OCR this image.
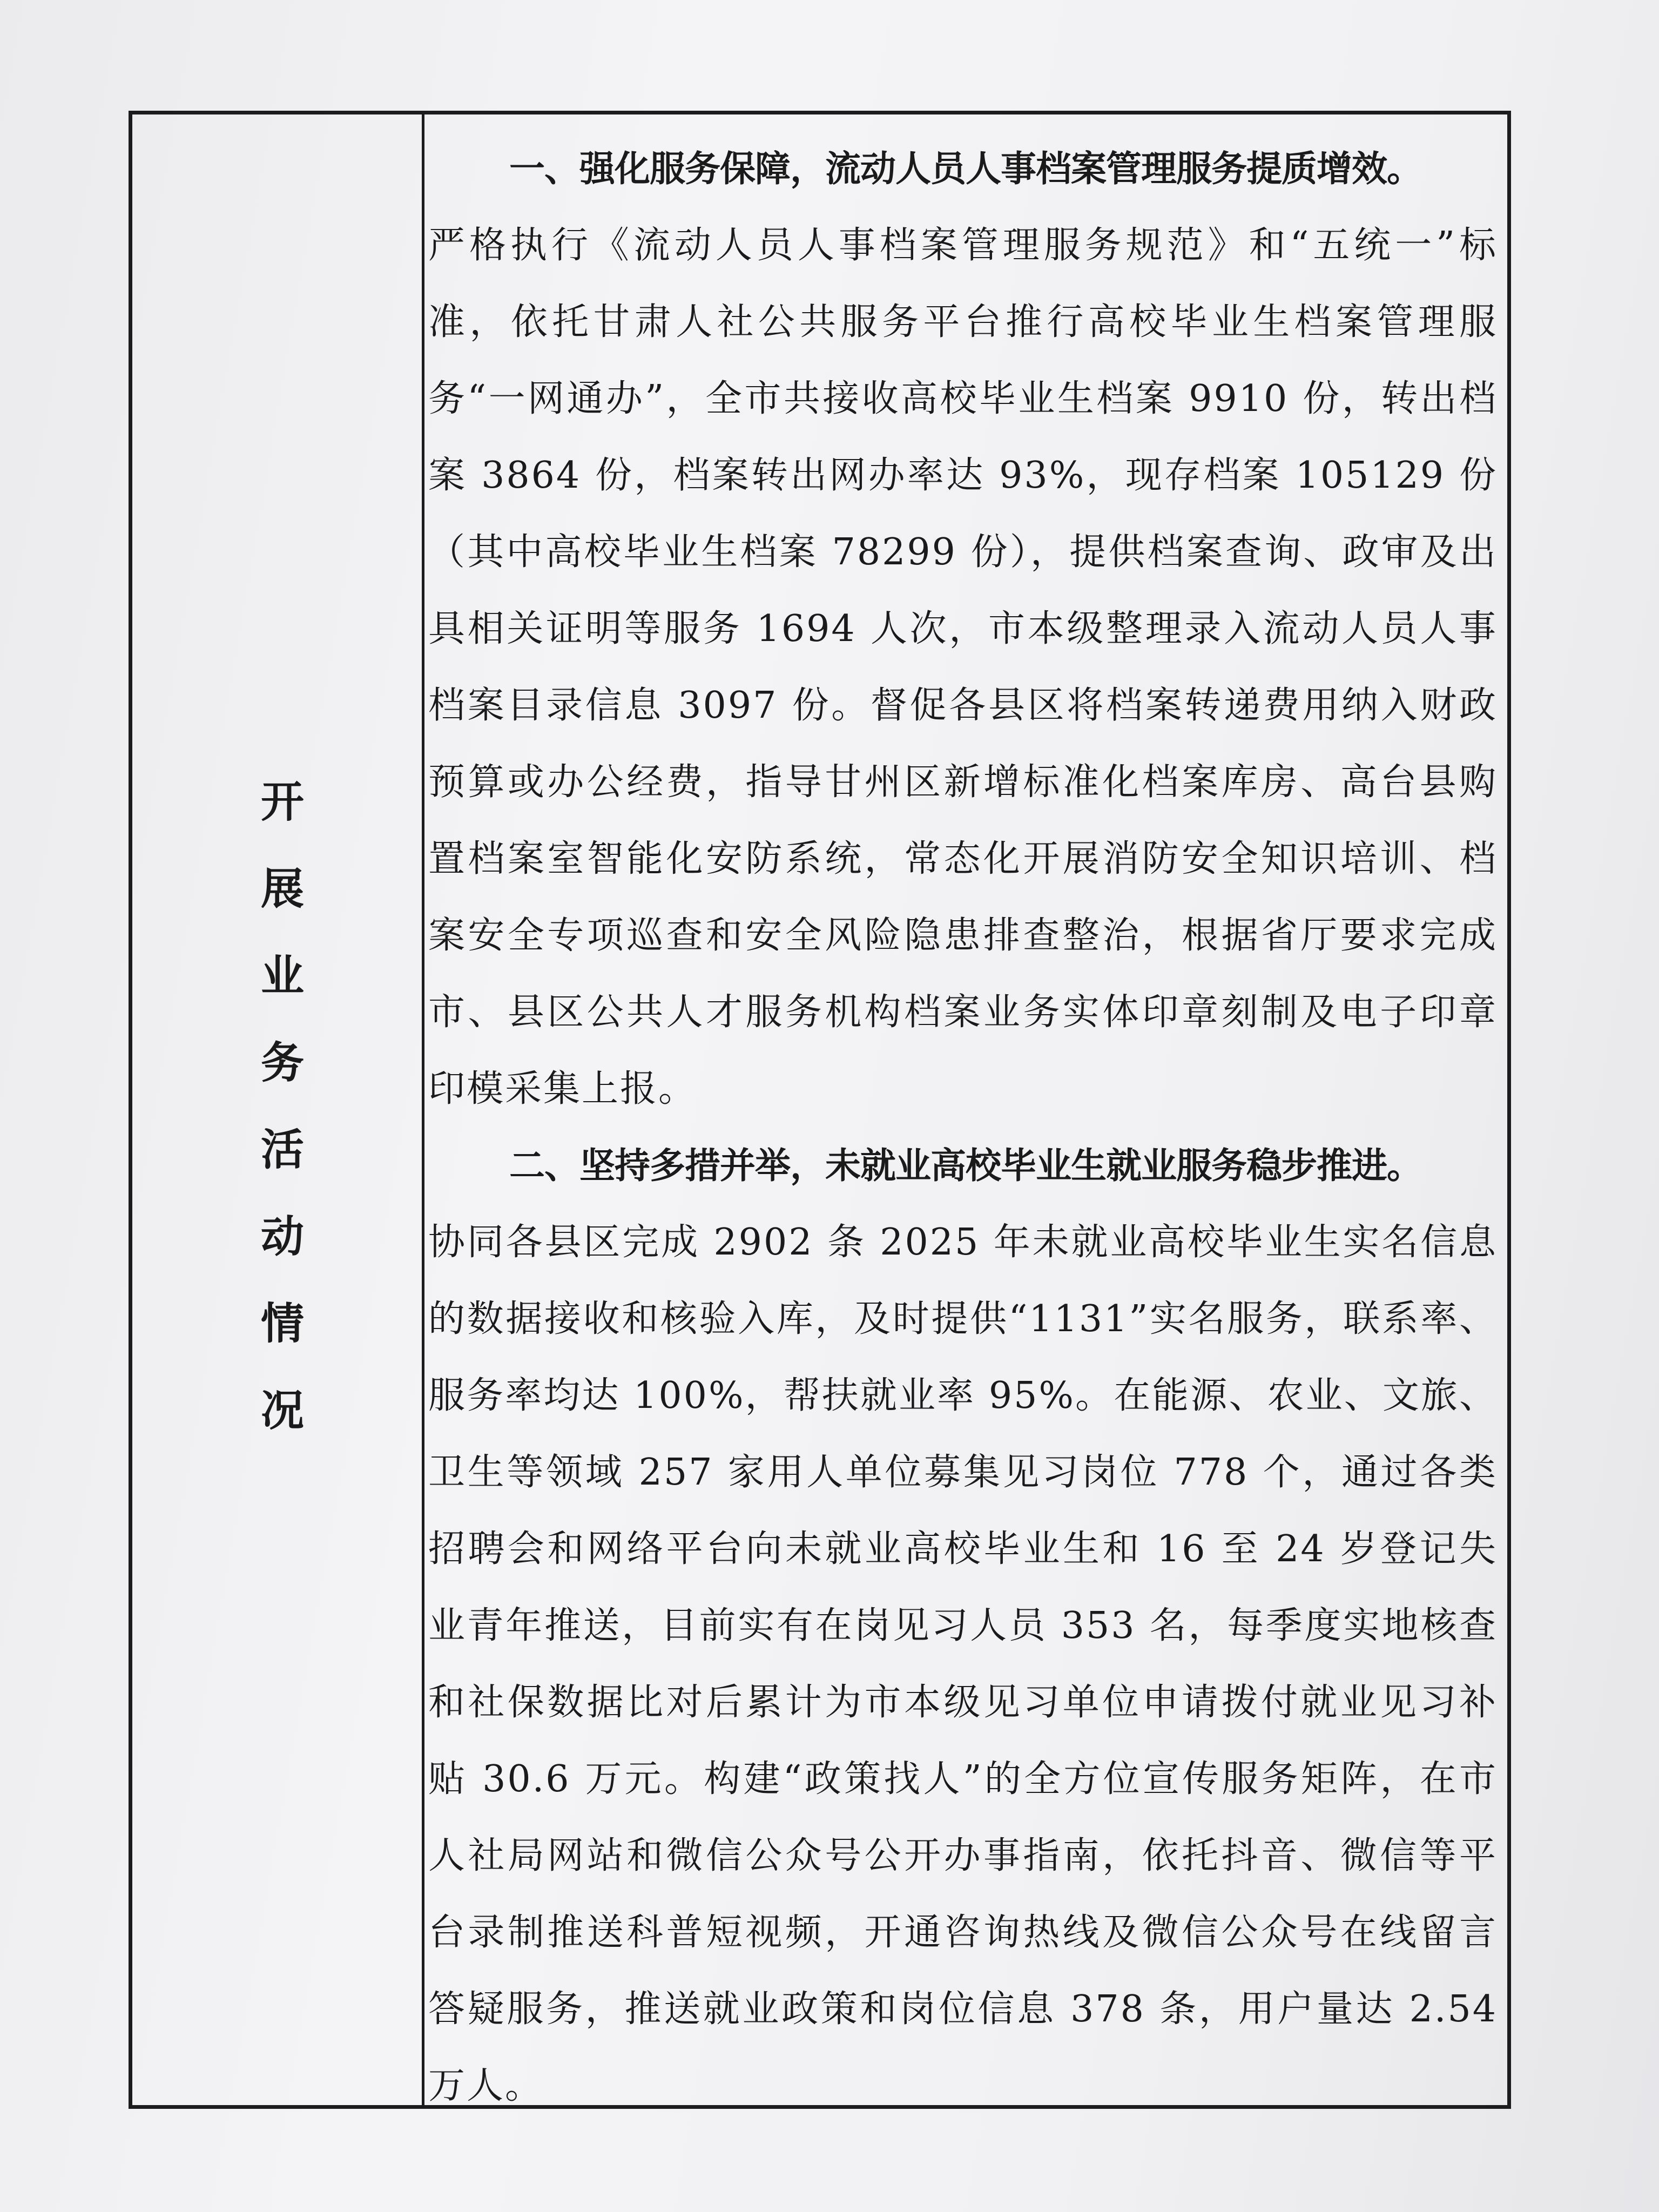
开展业务活动情况

一、强化服务保障，流动人员人事档案管理服务提质增效。

严格执行《流动人员人事档案管理服务规范》和“五统一”标准，依托甘肃人社公共服务平台推行高校毕业生档案管理服务“一网通办”，全市共接收高校毕业生档案 9910 份，转出档案 3864 份，档案转出网办率达 93%，现存档案 105129 份（其中高校毕业生档案 78299 份），提供档案查询、政审及出具相关证明等服务 1694 人次，市本级整理录入流动人员人事档案目录信息 3097 份。督促各县区将档案转递费用纳入财政预算或办公经费，指导甘州区新增标准化档案库房、高台县购置档案室智能化安防系统，常态化开展消防安全知识培训、档案安全专项巡查和安全风险隐患排查整治，根据省厅要求完成市、县区公共人才服务机构档案业务实体印章刻制及电子印章印模采集上报。

二、坚持多措并举，未就业高校毕业生就业服务稳步推进。

协同各县区完成 2902 条 2025 年未就业高校毕业生实名信息的数据接收和核验入库，及时提供“1131”实名服务，联系率、服务率均达 100%，帮扶就业率 95%。在能源、农业、文旅、卫生等领域 257 家用人单位募集见习岗位 778 个，通过各类招聘会和网络平台向未就业高校毕业生和 16 至 24 岁登记失业青年推送，目前实有在岗见习人员 353 名，每季度实地核查和社保数据比对后累计为市本级见习单位申请拨付就业见习补贴 30.6 万元。构建“政策找人”的全方位宣传服务矩阵，在市人社局网站和微信公众号公开办事指南，依托抖音、微信等平台录制推送科普短视频，开通咨询热线及微信公众号在线留言答疑服务，推送就业政策和岗位信息 378 条，用户量达 2.54 万人。
